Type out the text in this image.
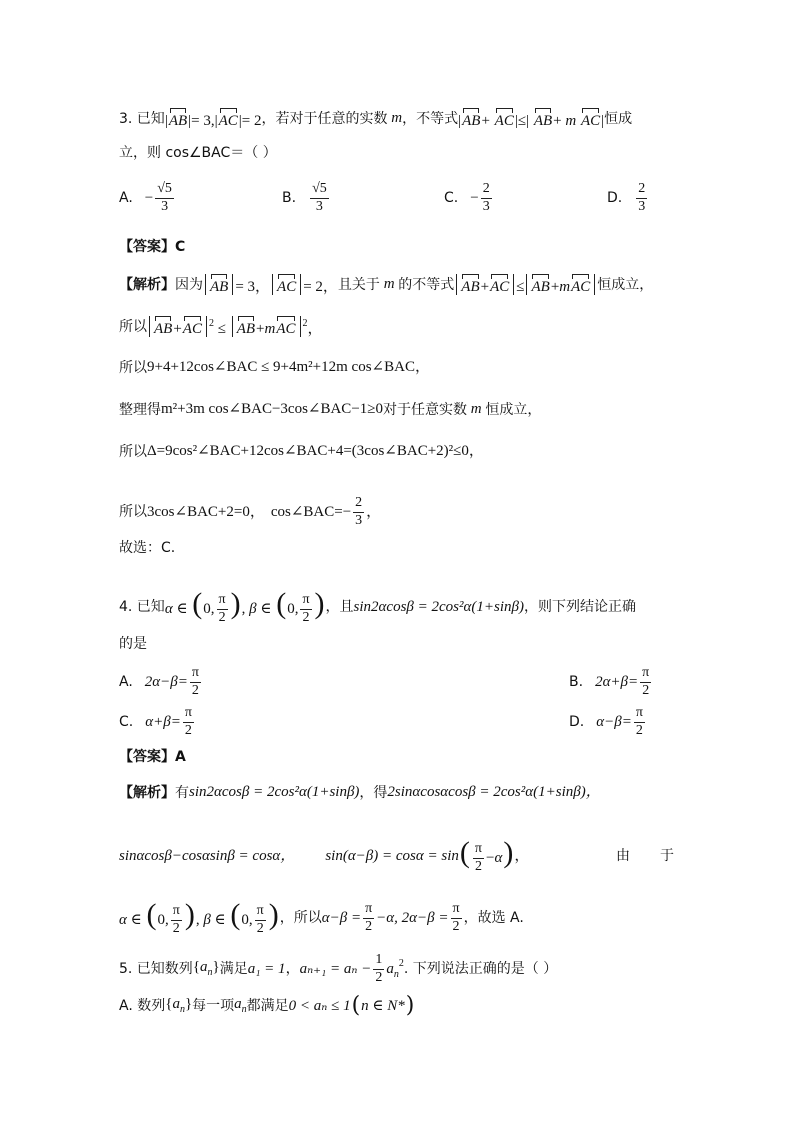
3. 已知 |AB|= 3,|AC|= 2 ， 若对于任意的实数 m ， 不等式 |AB+ AC|≤| AB+ m AC| 恒成
立，则 cos∠BAC＝（ ）
A. − $\frac{√5}{3}$	B. $\frac{√5}{3}$	C. − $\frac{2}{3}$	D. $\frac{2}{3}$
【答案】C
【解析】 因为 AB = 3， AC = 2， 且关于 m 的不等式 AB+AC ≤ AB+mAC 恒成立，
所以 AB+AC $^2$ ≤ AB+mAC $^2$，
所以 9+4+12cos∠BAC ≤ 9+4m²+12m cos∠BAC，
整理得 m²+3m cos∠BAC−3cos∠BAC−1≥0 对于任意实数 m 恒成立，
所以 Δ=9cos²∠BAC+12cos∠BAC+4=(3cos∠BAC+2)²≤0，
所以 3cos∠BAC+2=0， cos∠BAC=− $\frac{2}{3}$ ，
故选：C.
4. 已知 α ∈ (0, $\frac{\pi}{2}$ ), β ∈ (0, $\frac{\pi}{2}$ ) ， 且 sin2αcosβ = 2cos²α(1+sinβ) ，则下列结论正确
的是
A. $2\alpha-\beta= \frac{\pi}{2}$	B. $2\alpha+\beta= \frac{\pi}{2}$
C. $\alpha+\beta= \frac{\pi}{2}$	D. $\alpha-\beta= \frac{\pi}{2}$
【答案】A
【解析】 有 sin2αcosβ = 2cos²α(1+sinβ) ，得 2sinαcosαcosβ = 2cos²α(1+sinβ)，
sinαcosβ−cosαsinβ = cosα， sin(α−β) = cosα = sin ( $\frac{\pi}{2} -\alpha$) ，	由 于
α ∈ (0, $\frac{\pi}{2}$ ), β ∈ (0, $\frac{\pi}{2}$ ) ， 所以 $\alpha-\beta = \frac{\pi}{2} -\alpha$, $2\alpha-\beta = \frac{\pi}{2}$ ，故选 A.
5. 已知数列 $\{a_n\}$ 满足 a₁ = 1 ， $a_{n+1} = a_n - \frac{1}{2} a_n^2$ . 下列说法正确的是（ ）
A. 数列 $\{a_n\}$ 每一项 $a_n$ 都满足 0 < aₙ ≤ 1 ( n ∈ N* )
